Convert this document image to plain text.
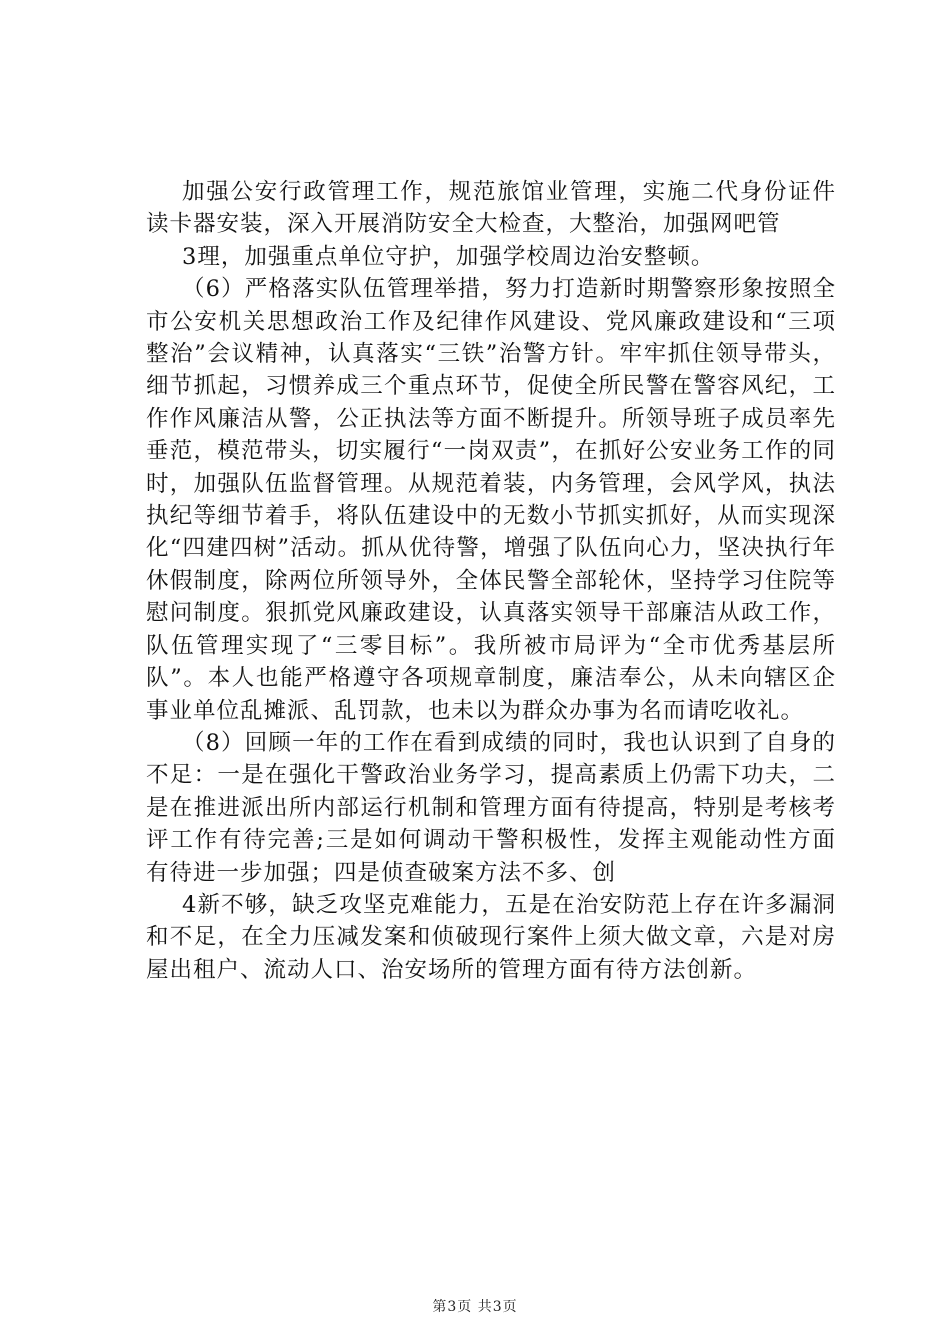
加强公安行政管理工作，规范旅馆业管理，实施二代身份证件读卡器安装，深入开展消防安全大检查，大整治，加强网吧管

3理，加强重点单位守护，加强学校周边治安整顿。

（6）严格落实队伍管理举措，努力打造新时期警察形象按照全市公安机关思想政治工作及纪律作风建设、党风廉政建设和“三项整治”会议精神，认真落实“三铁”治警方针。牢牢抓住领导带头，细节抓起，习惯养成三个重点环节，促使全所民警在警容风纪，工作作风廉洁从警，公正执法等方面不断提升。所领导班子成员率先垂范，模范带头，切实履行“一岗双责”，在抓好公安业务工作的同时，加强队伍监督管理。从规范着装，内务管理，会风学风，执法执纪等细节着手，将队伍建设中的无数小节抓实抓好，从而实现深化“四建四树”活动。抓从优待警，增强了队伍向心力，坚决执行年休假制度，除两位所领导外，全体民警全部轮休，坚持学习住院等慰问制度。狠抓党风廉政建设，认真落实领导干部廉洁从政工作，队伍管理实现了“三零目标”。我所被市局评为“全市优秀基层所队”。本人也能严格遵守各项规章制度，廉洁奉公，从未向辖区企事业单位乱摊派、乱罚款，也未以为群众办事为名而请吃收礼。

（8）回顾一年的工作在看到成绩的同时，我也认识到了自身的不足：一是在强化干警政治业务学习，提高素质上仍需下功夫，二是在推进派出所内部运行机制和管理方面有待提高，特别是考核考评工作有待完善;三是如何调动干警积极性，发挥主观能动性方面有待进一步加强；四是侦查破案方法不多、创

4新不够，缺乏攻坚克难能力，五是在治安防范上存在许多漏洞和不足，在全力压减发案和侦破现行案件上须大做文章，六是对房屋出租户、流动人口、治安场所的管理方面有待方法创新。

第3页 共3页
